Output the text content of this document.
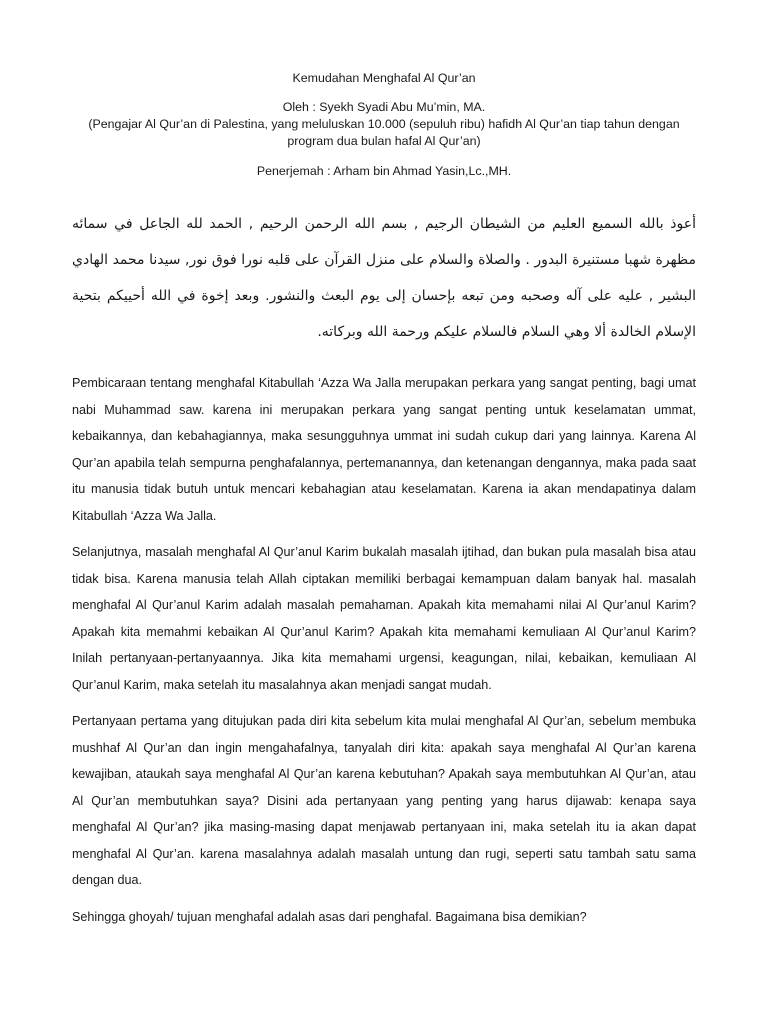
Kemudahan Menghafal Al Qur’an

Oleh : Syekh Syadi Abu Mu’min, MA.

(Pengajar Al Qur’an di Palestina, yang meluluskan 10.000 (sepuluh ribu) hafidh Al Qur’an tiap tahun dengan program dua bulan hafal Al Qur’an)

Penerjemah : Arham bin Ahmad Yasin,Lc.,MH.

أعوذ بالله السميع العليم من الشيطان الرجيم , بسم الله الرحمن الرحيم , الحمد لله الجاعل في سمائه مظهرة شهبا مستنيرة البدور . والصلاة والسلام على منزل القرآن على قلبه نورا فوق نور, سيدنا محمد الهادي البشير , عليه على آله وصحبه ومن تبعه بإحسان إلى يوم البعث والنشور. وبعد إخوة في الله أحييكم بتحية الإسلام الخالدة ألا وهي السلام فالسلام عليكم ورحمة الله وبركاته.

Pembicaraan tentang menghafal Kitabullah ‘Azza Wa Jalla merupakan perkara yang sangat penting, bagi umat nabi Muhammad saw. karena ini merupakan perkara yang sangat penting untuk keselamatan ummat, kebaikannya, dan kebahagiannya, maka sesungguhnya ummat ini sudah cukup dari yang lainnya. Karena Al Qur’an apabila telah sempurna penghafalannya, pertemanannya, dan ketenangan dengannya, maka pada saat itu manusia tidak butuh untuk mencari kebahagian atau keselamatan. Karena ia akan mendapatinya dalam Kitabullah ‘Azza Wa Jalla.

Selanjutnya, masalah menghafal Al Qur’anul Karim bukalah masalah ijtihad, dan bukan pula masalah bisa atau tidak bisa. Karena manusia telah Allah ciptakan memiliki berbagai kemampuan dalam banyak hal. masalah menghafal Al Qur’anul Karim adalah masalah pemahaman. Apakah kita memahami nilai Al Qur’anul Karim? Apakah kita memahmi kebaikan Al Qur’anul Karim? Apakah kita memahami kemuliaan Al Qur’anul Karim? Inilah pertanyaan-pertanyaannya. Jika kita memahami urgensi, keagungan, nilai, kebaikan, kemuliaan Al Qur’anul Karim, maka setelah itu masalahnya akan menjadi sangat mudah.

Pertanyaan pertama yang ditujukan pada diri kita sebelum kita mulai menghafal Al Qur’an, sebelum membuka mushhaf Al Qur’an dan ingin mengahafalnya, tanyalah diri kita: apakah saya menghafal Al Qur’an karena kewajiban, ataukah saya menghafal Al Qur’an karena kebutuhan? Apakah saya membutuhkan Al Qur’an, atau Al Qur’an membutuhkan saya? Disini ada pertanyaan yang penting yang harus dijawab: kenapa saya menghafal Al Qur’an? jika masing-masing dapat menjawab pertanyaan ini, maka setelah itu ia akan dapat menghafal Al Qur’an. karena masalahnya adalah masalah untung dan rugi, seperti satu tambah satu sama dengan dua.

Sehingga ghoyah/ tujuan menghafal adalah asas dari penghafal. Bagaimana bisa demikian?
